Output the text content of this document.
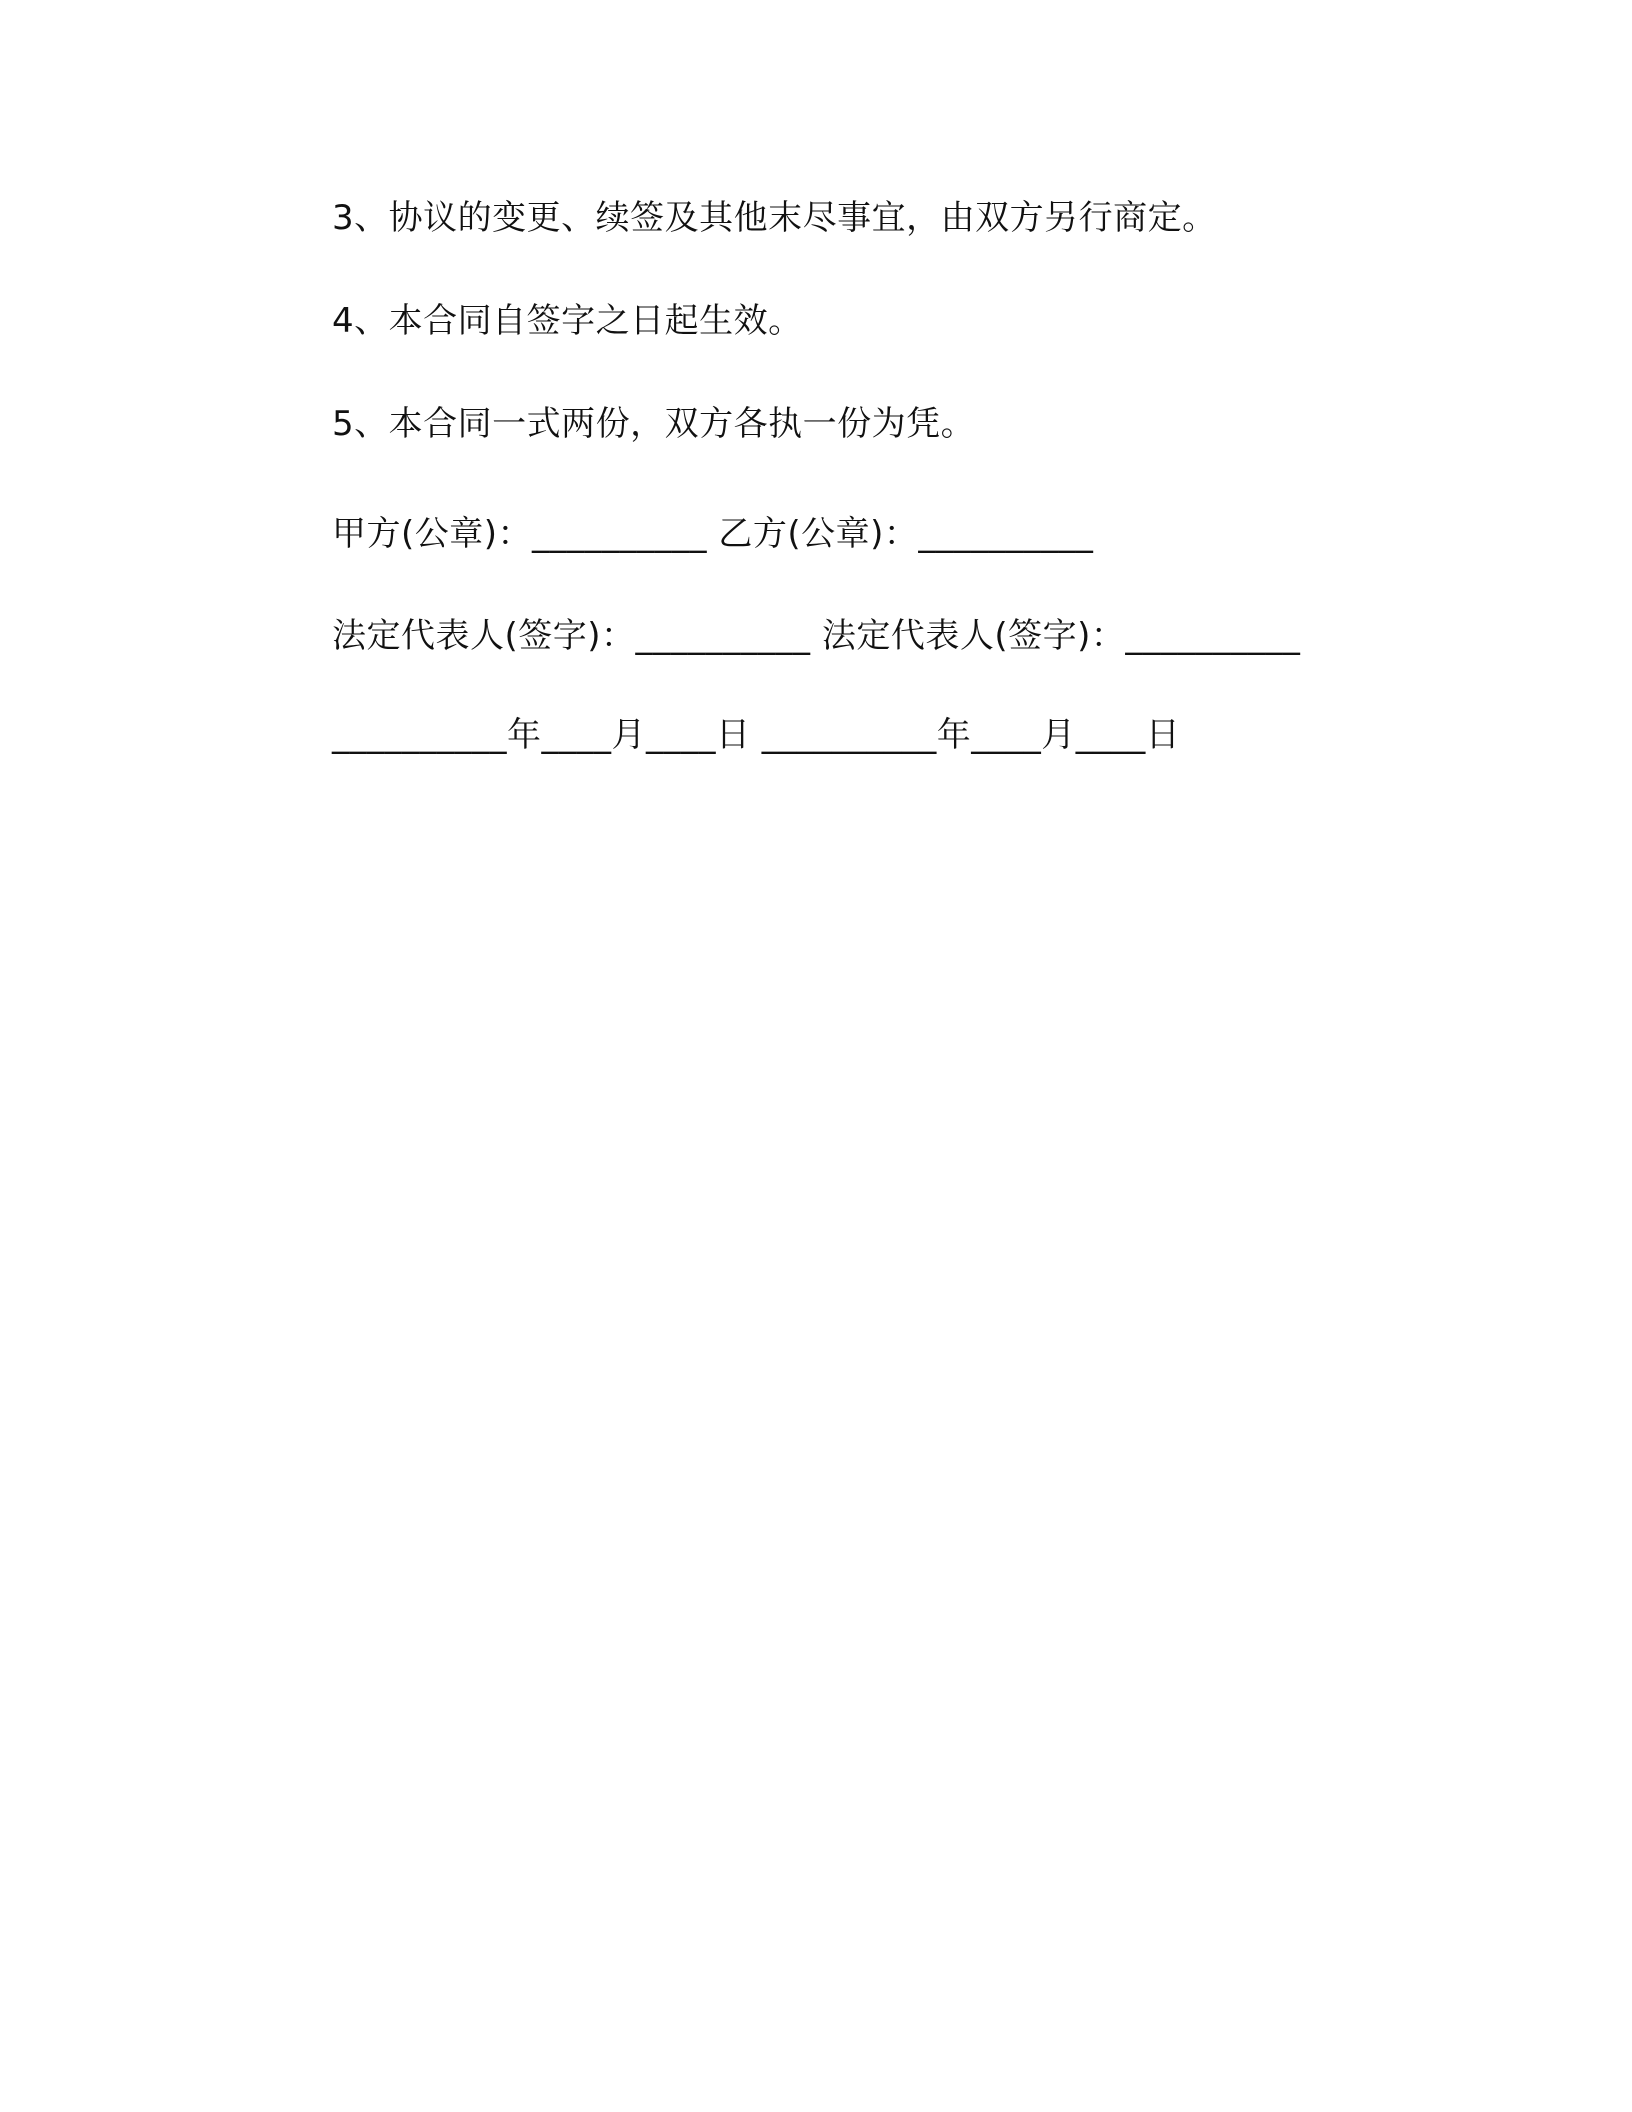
3、协议的变更、续签及其他末尽事宜，由双方另行商定。
4、本合同自签字之日起生效。
5、本合同一式两份，双方各执一份为凭。
甲方(公章)：__________ 乙方(公章)：__________
法定代表人(签字)：__________ 法定代表人(签字)：__________
__________年____月____日 __________年____月____日
